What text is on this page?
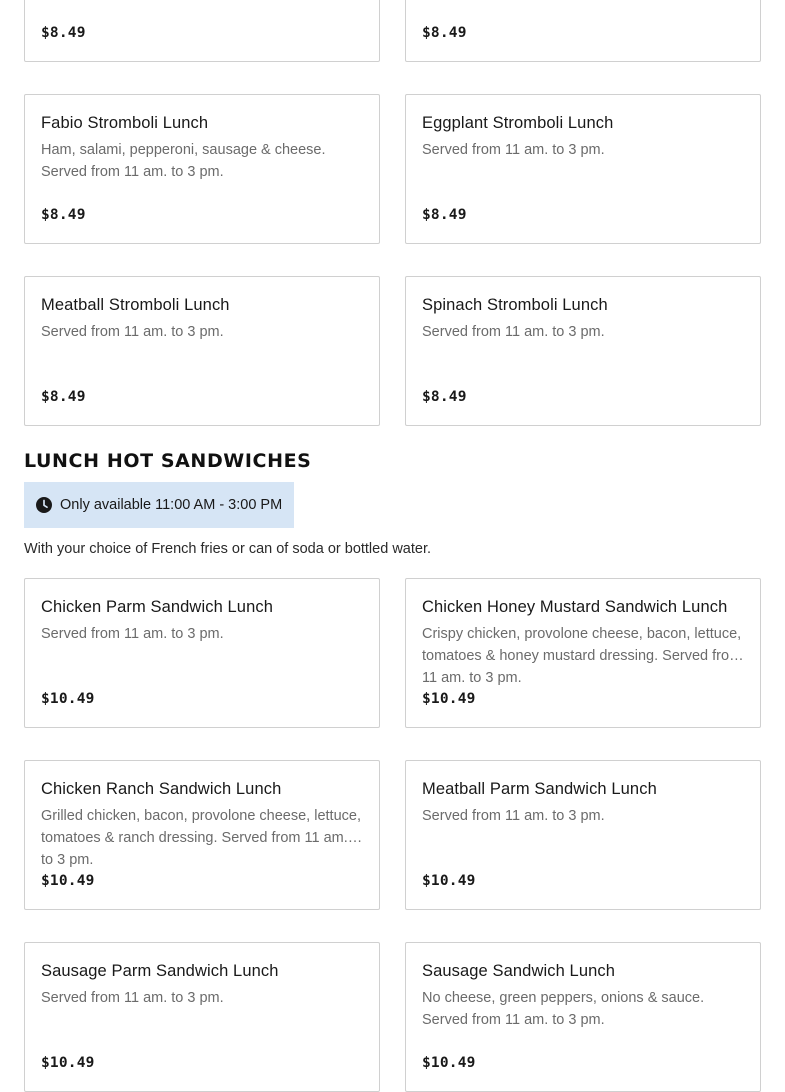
$8.49	$8.49
Fabio Stromboli Lunch
Ham, salami, pepperoni, sausage & cheese. Served from 11 am. to 3 pm.
$8.49
Eggplant Stromboli Lunch
Served from 11 am. to 3 pm.
$8.49
Meatball Stromboli Lunch
Served from 11 am. to 3 pm.
$8.49
Spinach Stromboli Lunch
Served from 11 am. to 3 pm.
$8.49
LUNCH HOT SANDWICHES
Only available 11:00 AM - 3:00 PM

With your choice of French fries or can of soda or bottled water.

Chicken Parm Sandwich Lunch
Served from 11 am. to 3 pm.
$10.49
Chicken Honey Mustard Sandwich Lunch
Crispy chicken, provolone cheese, bacon, lettuce, tomatoes & honey mustard dressing. Served from 11 am. to 3 pm.
$10.49
Chicken Ranch Sandwich Lunch
Grilled chicken, bacon, provolone cheese, lettuce, tomatoes & ranch dressing. Served from 11 am. to 3 pm.
$10.49
Meatball Parm Sandwich Lunch
Served from 11 am. to 3 pm.
$10.49
Sausage Parm Sandwich Lunch
Served from 11 am. to 3 pm.
$10.49
Sausage Sandwich Lunch
No cheese, green peppers, onions & sauce. Served from 11 am. to 3 pm.
$10.49
